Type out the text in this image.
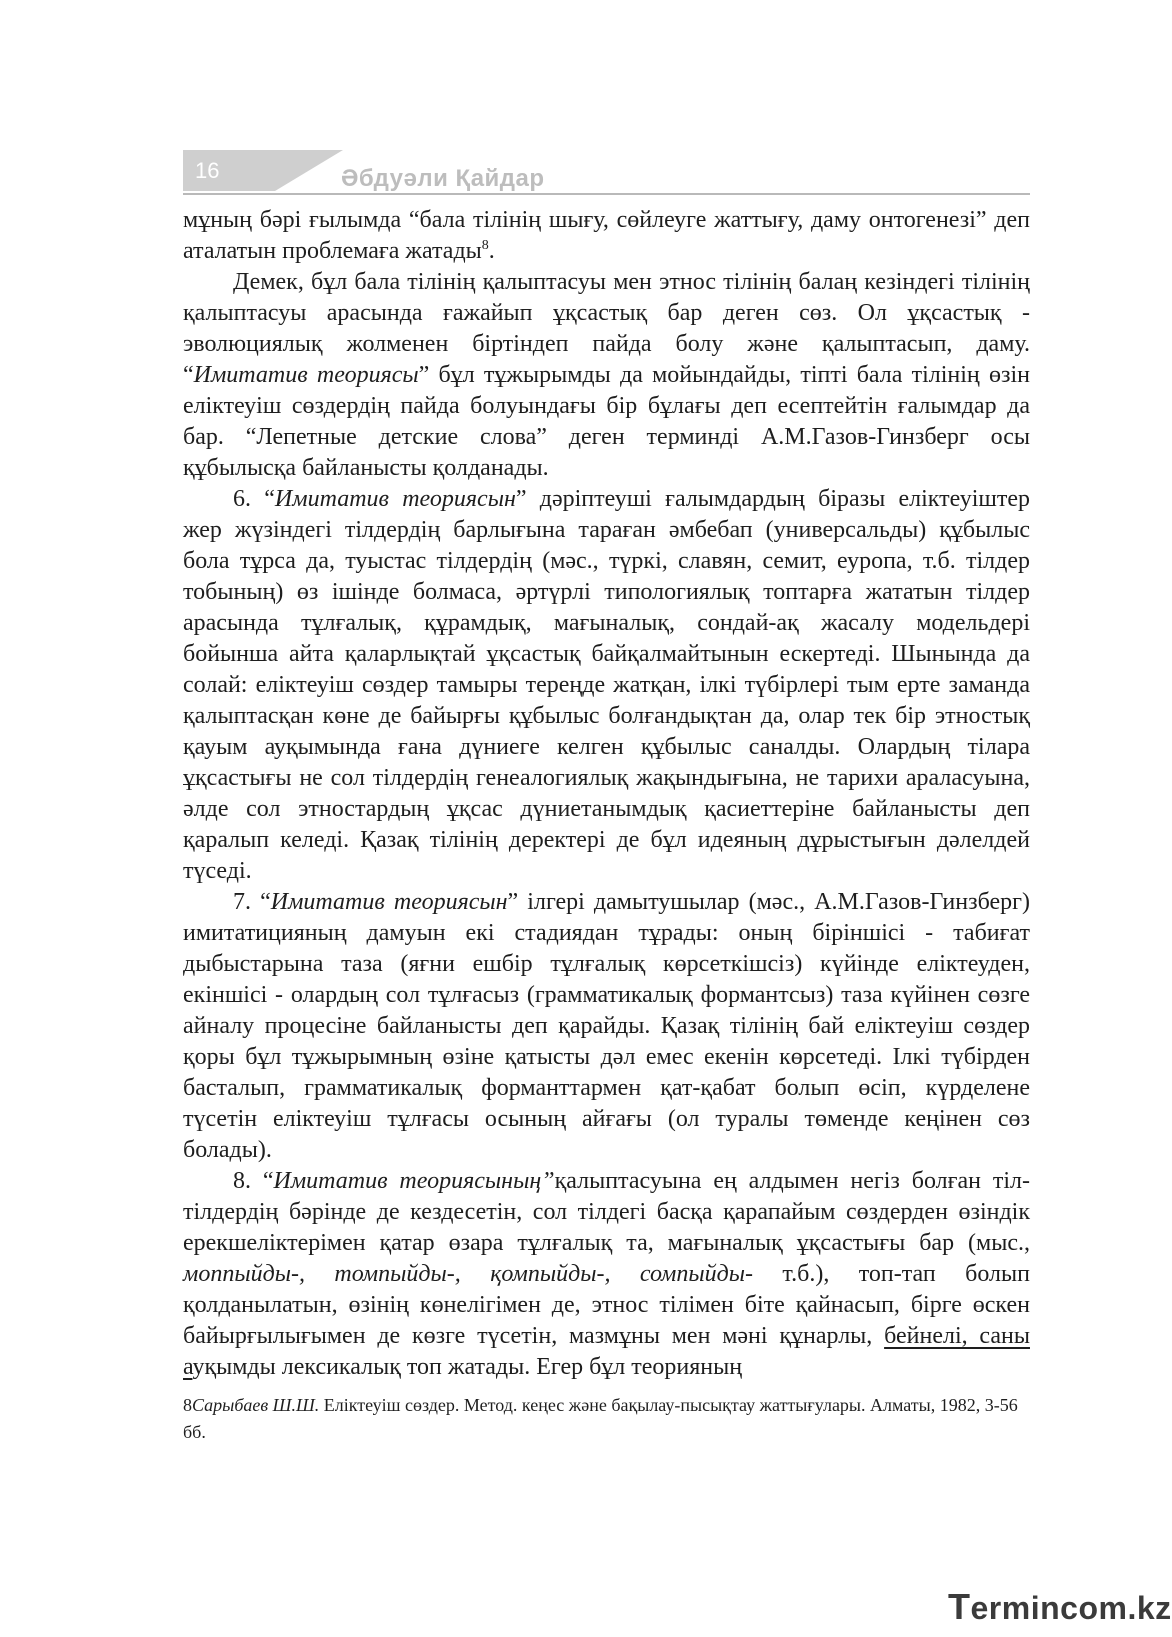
16	Әбдуәли Қайдар

мұның бәрі ғылымда “бала тілінің шығу, сөйлеуге жаттығу, даму онтогенезі” деп аталатын проблемаға жатады$^8$.

Демек, бұл бала тілінің қалыптасуы мен этнос тілінің балаң кезіндегі тілінің қалыптасуы арасында ғажайып ұқсастық бар деген сөз. Ол ұқсастық - эволюциялық жолменен біртіндеп пайда болу және қалыптасып, даму. “Имитатив теориясы” бұл тұжырымды да мойындайды, тіпті бала тілінің өзін еліктеуіш сөздердің пайда болуындағы бір бұлағы деп есептейтін ғалымдар да бар. “Лепетные детские слова” деген терминді А.М.Газов-Гинзберг осы құбылысқа байланысты қолданады.

6. “Имитатив теориясын” дәріптеуші ғалымдардың біразы еліктеуіштер жер жүзіндегі тілдердің барлығына тараған әмбебап (универсальды) құбылыс бола тұрса да, туыстас тілдердің (мәс., түркі, славян, семит, еуропа, т.б. тілдер тобының) өз ішінде болмаса, әртүрлі типологиялық топтарға жататын тілдер арасында тұлғалық, құрамдық, мағыналық, сондай-ақ жасалу модельдері бойынша айта қаларлықтай ұқсастық байқалмайтынын ескертеді. Шынында да солай: еліктеуіш сөздер тамыры тереңде жатқан, ілкі түбірлері тым ерте заманда қалыптасқан көне де байырғы құбылыс болғандықтан да, олар тек бір этностық қауым ауқымында ғана дүниеге келген құбылыс саналды. Олардың тілара ұқсастығы не сол тілдердің генеалогиялық жақындығына, не тарихи араласуына, әлде сол этностардың ұқсас дүниетанымдық қасиеттеріне байланысты деп қаралып келеді. Қазақ тілінің деректері де бұл идеяның дұрыстығын дәлелдей түседі.

7. “Имитатив теориясын” ілгері дамытушылар (мәс., А.М.Газов-Гинзберг) имитатицияның дамуын екі стадиядан тұрады: оның біріншісі - табиғат дыбыстарына таза (яғни ешбір тұлғалық көрсеткішсіз) күйінде еліктеуден, екіншісі - олардың сол тұлғасыз (грамматикалық формантсыз) таза күйінен сөзге айналу процесіне байланысты деп қарайды. Қазақ тілінің бай еліктеуіш сөздер қоры бұл тұжырымның өзіне қатысты дәл емес екенін көрсетеді. Ілкі түбірден басталып, грамматикалық форманттармен қат-қабат болып өсіп, күрделене түсетін еліктеуіш тұлғасы осының айғағы (ол туралы төменде кеңінен сөз болады).

8. “Имитатив теориясының”қалыптасуына ең алдымен негіз болған тіл-тілдердің бәрінде де кездесетін, сол тілдегі басқа қарапайым сөздерден өзіндік ерекшеліктерімен қатар өзара тұлғалық та, мағыналық ұқсастығы бар (мыс., моппыйды-, томпыйды-, қомпыйды-, сомпыйды- т.б.), топ-тап болып қолданылатын, өзінің көнелігімен де, этнос тілімен біте қайнасып, бірге өскен байырғылығымен де көзге түсетін, мазмұны мен мәні құнарлы, бейнелі, саны ауқымды лексикалық топ жатады. Егер бұл теорияның

8Сарыбаев Ш.Ш. Еліктеуіш сөздер. Метод. кеңес және бақылау-пысықтау жаттығулары. Алматы, 1982, 3-56 бб.
Termincom.kz
